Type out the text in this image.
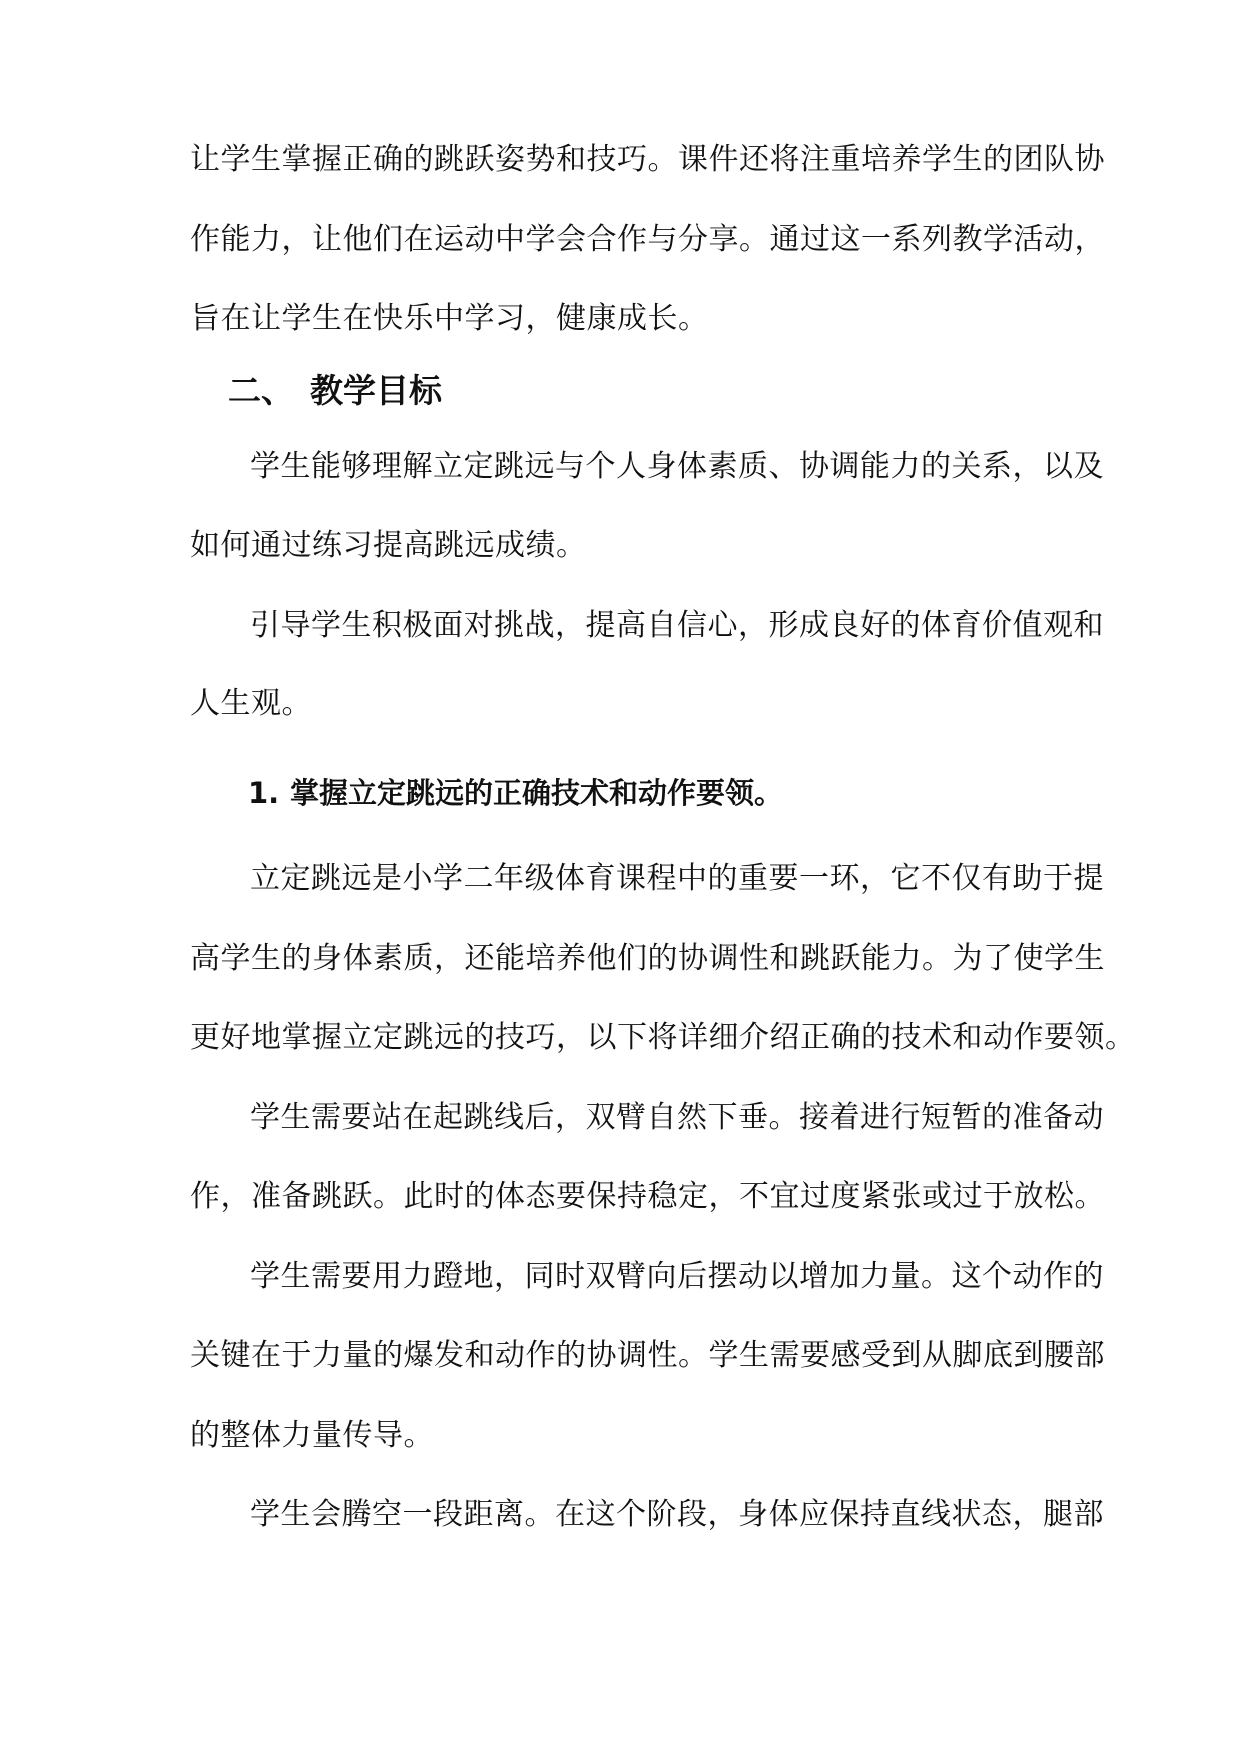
让学生掌握正确的跳跃姿势和技巧。课件还将注重培养学生的团队协
作能力，让他们在运动中学会合作与分享。通过这一系列教学活动，
旨在让学生在快乐中学习，健康成长。
二、 教学目标
学生能够理解立定跳远与个人身体素质、协调能力的关系，以及
如何通过练习提高跳远成绩。
引导学生积极面对挑战，提高自信心，形成良好的体育价值观和
人生观。
1. 掌握立定跳远的正确技术和动作要领。
立定跳远是小学二年级体育课程中的重要一环，它不仅有助于提
高学生的身体素质，还能培养他们的协调性和跳跃能力。为了使学生
更好地掌握立定跳远的技巧，以下将详细介绍正确的技术和动作要领。
学生需要站在起跳线后，双臂自然下垂。接着进行短暂的准备动
作，准备跳跃。此时的体态要保持稳定，不宜过度紧张或过于放松。
学生需要用力蹬地，同时双臂向后摆动以增加力量。这个动作的
关键在于力量的爆发和动作的协调性。学生需要感受到从脚底到腰部
的整体力量传导。
学生会腾空一段距离。在这个阶段，身体应保持直线状态，腿部
